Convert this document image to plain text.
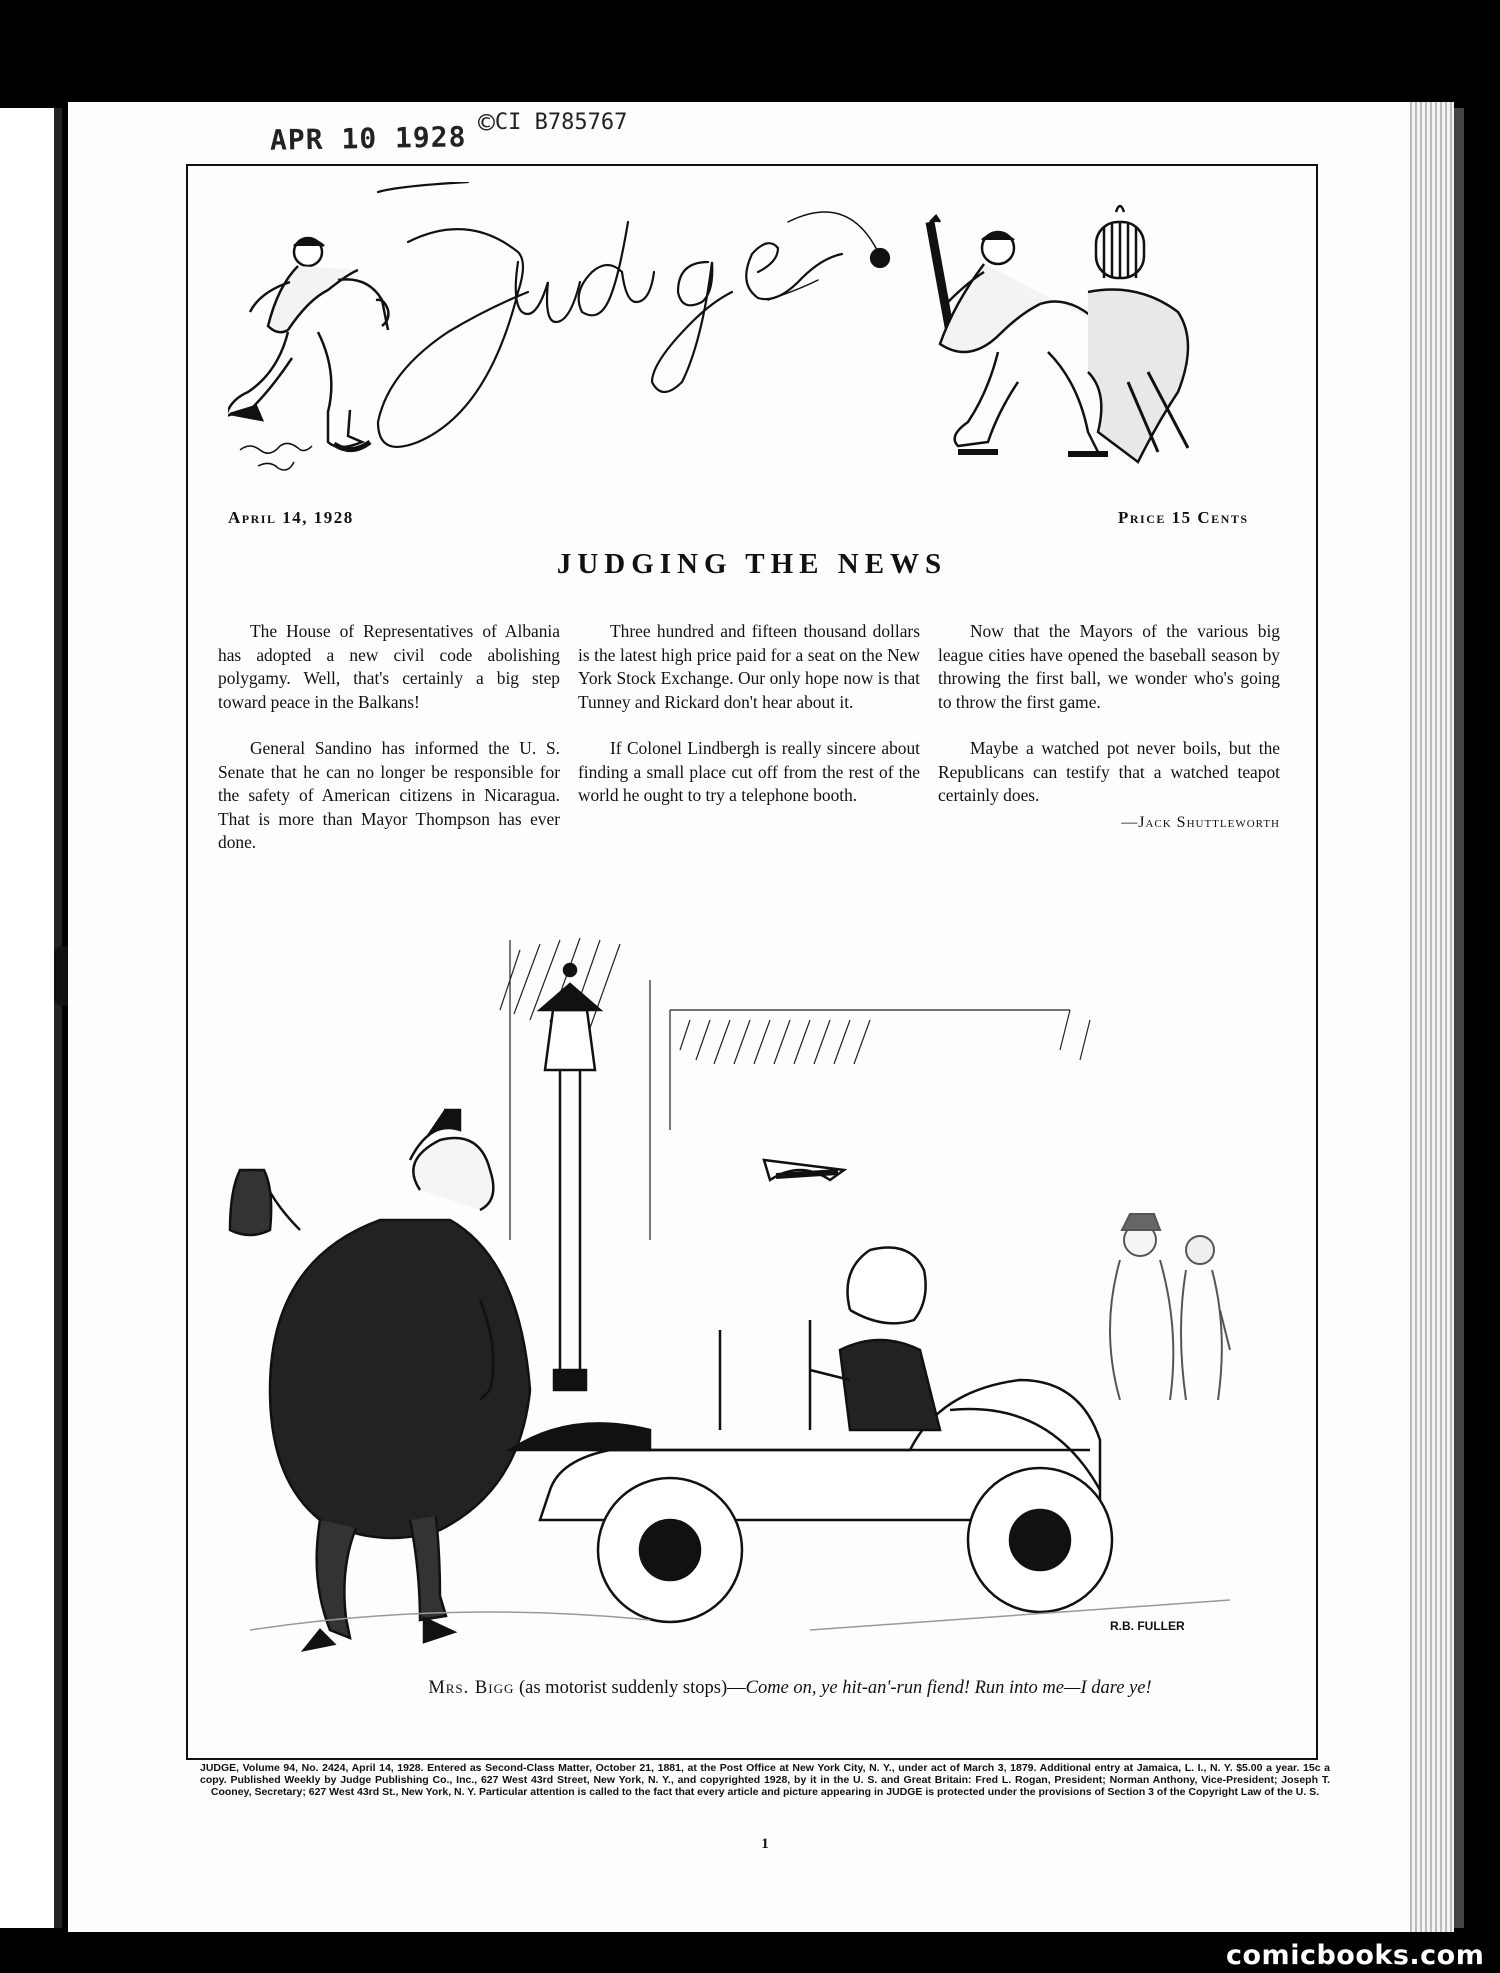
APR 10 1928 ©CI B785767
April 14, 1928	Price 15 Cents
JUDGING THE NEWS

The House of Representatives of Albania has adopted a new civil code abolishing polygamy. Well, that's certainly a big step toward peace in the Balkans!

General Sandino has informed the U. S. Senate that he can no longer be responsible for the safety of American citizens in Nicaragua. That is more than Mayor Thompson has ever done.

Three hundred and fifteen thousand dollars is the latest high price paid for a seat on the New York Stock Exchange. Our only hope now is that Tunney and Rickard don't hear about it.

If Colonel Lindbergh is really sincere about finding a small place cut off from the rest of the world he ought to try a telephone booth.

Now that the Mayors of the various big league cities have opened the baseball season by throwing the first ball, we wonder who's going to throw the first game.

Maybe a watched pot never boils, but the Republicans can testify that a watched teapot certainly does.

—Jack Shuttleworth
R.B. FULLER
Mrs. Bigg (as motorist suddenly stops)—Come on, ye hit-an'-run fiend! Run into me—I dare ye!
JUDGE, Volume 94, No. 2424, April 14, 1928. Entered as Second-Class Matter, October 21, 1881, at the Post Office at New York City, N. Y., under act of March 3, 1879. Additional entry at Jamaica, L. I., N. Y. $5.00 a year. 15c a copy. Published Weekly by Judge Publishing Co., Inc., 627 West 43rd Street, New York, N. Y., and copyrighted 1928, by it in the U. S. and Great Britain: Fred L. Rogan, President; Norman Anthony, Vice-President; Joseph T. Cooney, Secretary; 627 West 43rd St., New York, N. Y. Particular attention is called to the fact that every article and picture appearing in JUDGE is protected under the provisions of Section 3 of the Copyright Law of the U. S.
1
comicbooks.com
